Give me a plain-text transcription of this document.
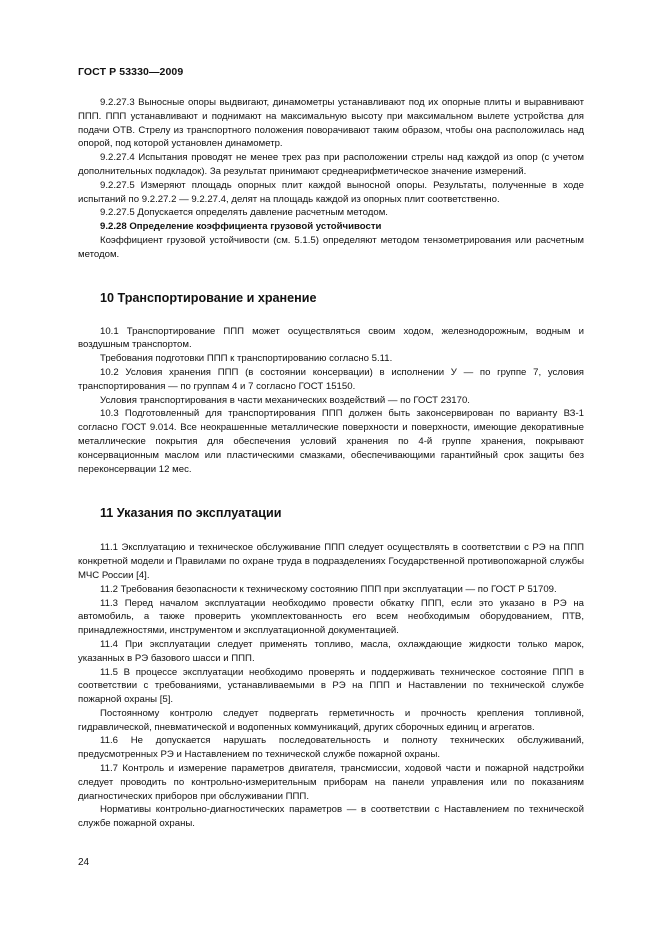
ГОСТ Р 53330—2009

9.2.27.3 Выносные опоры выдвигают, динамометры устанавливают под их опорные плиты и выравнивают ППП. ППП устанавливают и поднимают на максимальную высоту при максимальном вылете устройства для подачи ОТВ. Стрелу из транспортного положения поворачивают таким образом, чтобы она расположилась над опорой, под которой установлен динамометр.

9.2.27.4 Испытания проводят не менее трех раз при расположении стрелы над каждой из опор (с учетом дополнительных подкладок). За результат принимают среднеарифметическое значение измерений.

9.2.27.5 Измеряют площадь опорных плит каждой выносной опоры. Результаты, полученные в ходе испытаний по 9.2.27.2 — 9.2.27.4, делят на площадь каждой из опорных плит соответственно.

9.2.27.5 Допускается определять давление расчетным методом.

9.2.28 Определение коэффициента грузовой устойчивости

Коэффициент грузовой устойчивости (см. 5.1.5) определяют методом тензометрирования или расчетным методом.

10 Транспортирование и хранение

10.1 Транспортирование ППП может осуществляться своим ходом, железнодорожным, водным и воздушным транспортом.

Требования подготовки ППП к транспортированию согласно 5.11.

10.2 Условия хранения ППП (в состоянии консервации) в исполнении У — по группе 7, условия транспортирования — по группам 4 и 7 согласно ГОСТ 15150.

Условия транспортирования в части механических воздействий — по ГОСТ 23170.

10.3 Подготовленный для транспортирования ППП должен быть законсервирован по варианту ВЗ-1 согласно ГОСТ 9.014. Все неокрашенные металлические поверхности и поверхности, имеющие декоративные металлические покрытия для обеспечения условий хранения по 4-й группе хранения, покрывают консервационным маслом или пластическими смазками, обеспечивающими гарантийный срок защиты без переконсервации 12 мес.

11 Указания по эксплуатации

11.1 Эксплуатацию и техническое обслуживание ППП следует осуществлять в соответствии с РЭ на ППП конкретной модели и Правилами по охране труда в подразделениях Государственной противопожарной службы МЧС России [4].

11.2 Требования безопасности к техническому состоянию ППП при эксплуатации — по ГОСТ Р 51709.

11.3 Перед началом эксплуатации необходимо провести обкатку ППП, если это указано в РЭ на автомобиль, а также проверить укомплектованность его всем необходимым оборудованием, ПТВ, принадлежностями, инструментом и эксплуатационной документацией.

11.4 При эксплуатации следует применять топливо, масла, охлаждающие жидкости только марок, указанных в РЭ базового шасси и ППП.

11.5 В процессе эксплуатации необходимо проверять и поддерживать техническое состояние ППП в соответствии с требованиями, устанавливаемыми в РЭ на ППП и Наставлении по технической службе пожарной охраны [5].

Постоянному контролю следует подвергать герметичность и прочность крепления топливной, гидравлической, пневматической и водопенных коммуникаций, других сборочных единиц и агрегатов.

11.6 Не допускается нарушать последовательность и полноту технических обслуживаний, предусмотренных РЭ и Наставлением по технической службе пожарной охраны.

11.7 Контроль и измерение параметров двигателя, трансмиссии, ходовой части и пожарной надстройки следует проводить по контрольно-измерительным приборам на панели управления или по показаниям диагностических приборов при обслуживании ППП.

Нормативы контрольно-диагностических параметров — в соответствии с Наставлением по технической службе пожарной охраны.

24
